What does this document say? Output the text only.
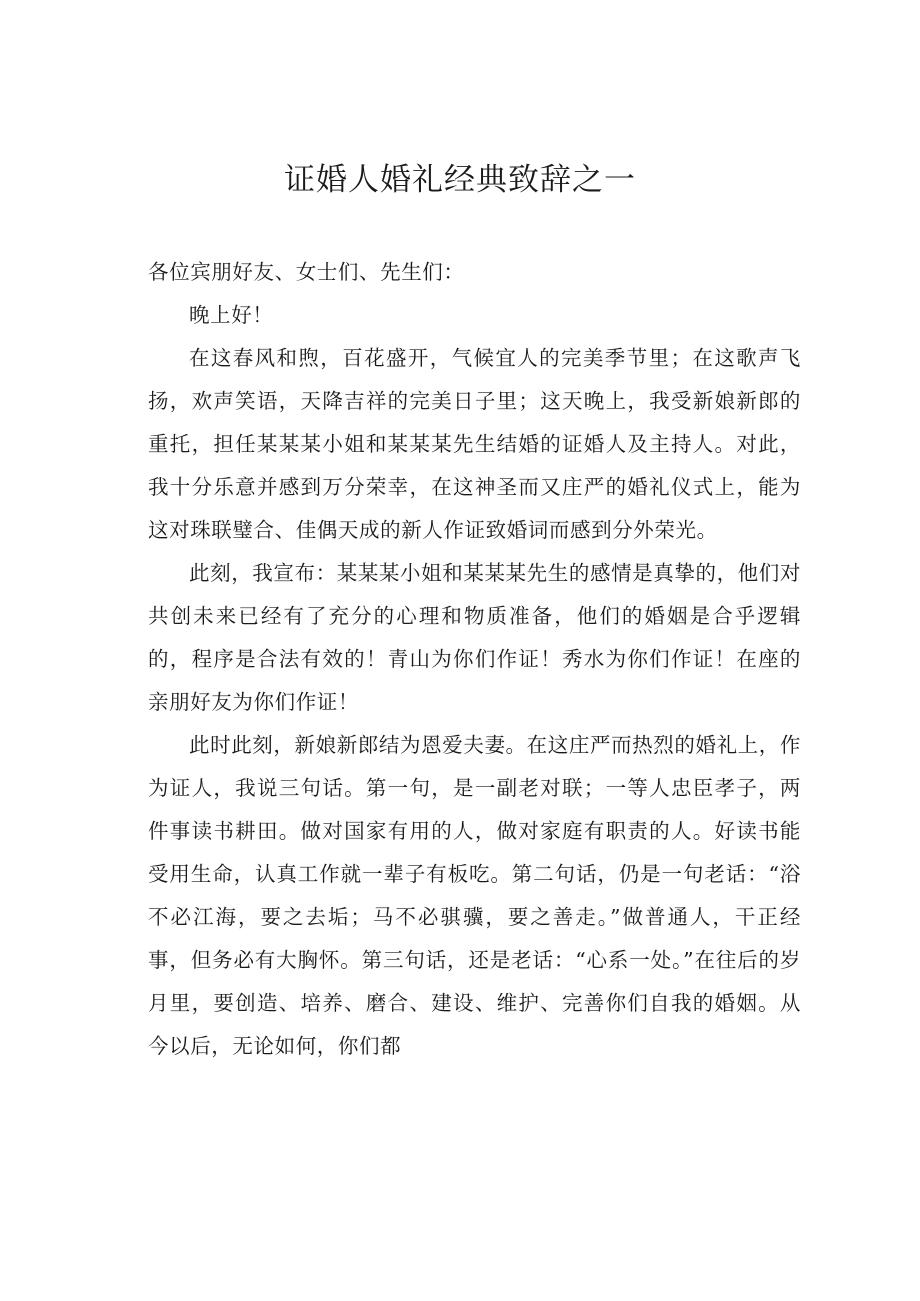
证婚人婚礼经典致辞之一

各位宾朋好友、女士们、先生们：

晚上好！

在这春风和煦，百花盛开，气候宜人的完美季节里；在这歌声飞扬，欢声笑语，天降吉祥的完美日子里；这天晚上，我受新娘新郎的重托，担任某某某小姐和某某某先生结婚的证婚人及主持人。对此，我十分乐意并感到万分荣幸，在这神圣而又庄严的婚礼仪式上，能为这对珠联璧合、佳偶天成的新人作证致婚词而感到分外荣光。

此刻，我宣布：某某某小姐和某某某先生的感情是真挚的，他们对共创未来已经有了充分的心理和物质准备，他们的婚姻是合乎逻辑的，程序是合法有效的！青山为你们作证！秀水为你们作证！在座的亲朋好友为你们作证！

此时此刻，新娘新郎结为恩爱夫妻。在这庄严而热烈的婚礼上，作为证人，我说三句话。第一句，是一副老对联；一等人忠臣孝子，两件事读书耕田。做对国家有用的人，做对家庭有职责的人。好读书能受用生命，认真工作就一辈子有板吃。第二句话，仍是一句老话：“浴不必江海，要之去垢；马不必骐骥，要之善走。”做普通人，干正经事，但务必有大胸怀。第三句话，还是老话：“心系一处。”在往后的岁月里，要创造、培养、磨合、建设、维护、完善你们自我的婚姻。从今以后，无论如何，你们都
